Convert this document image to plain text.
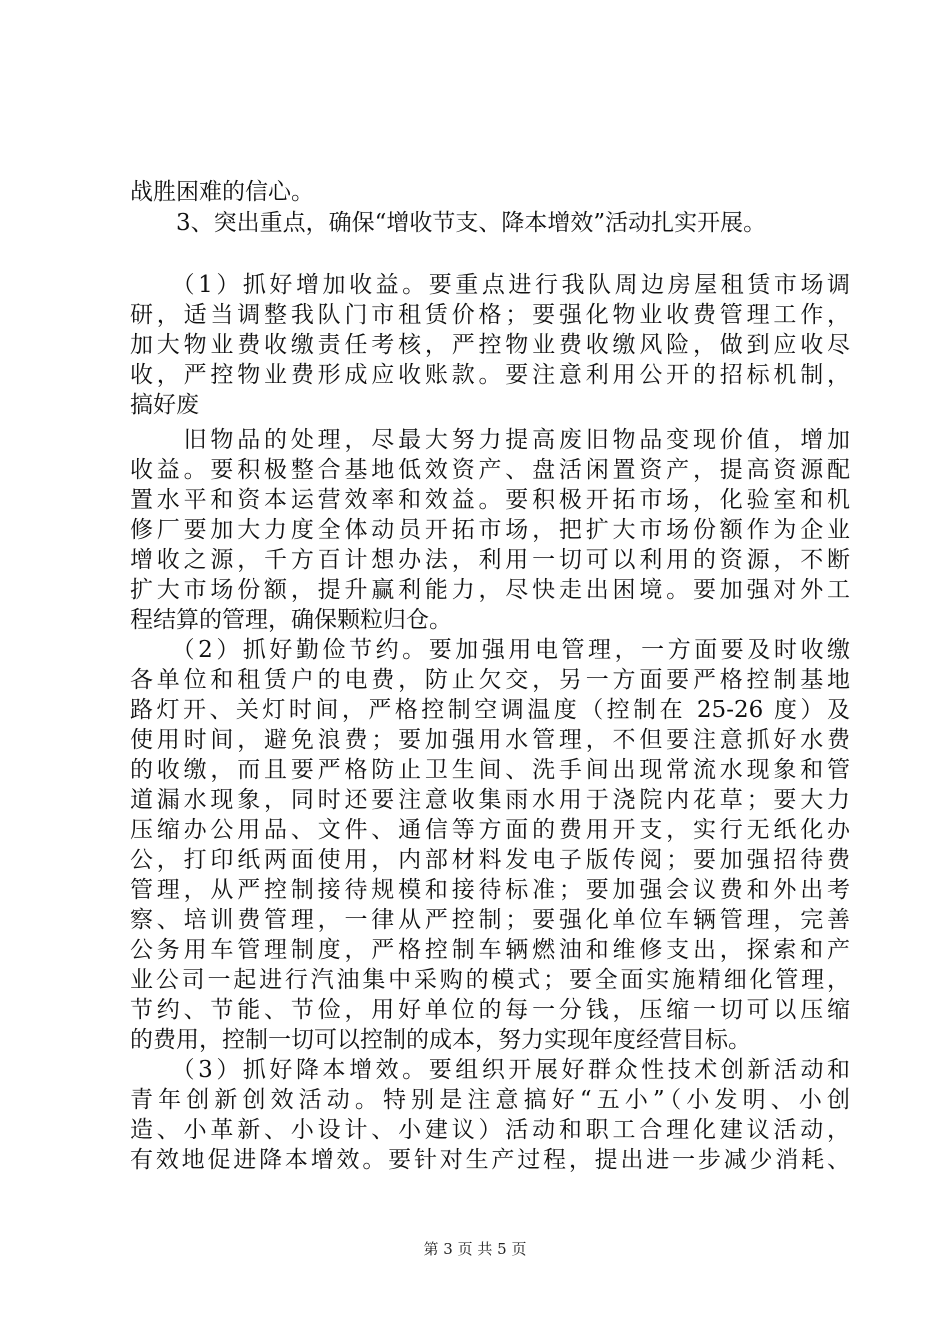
战胜困难的信心。
　　3、突出重点，确保“增收节支、降本增效”活动扎实开展。
　　（1）抓好增加收益。要重点进行我队周边房屋租赁市场调
研，适当调整我队门市租赁价格；要强化物业收费管理工作，
加大物业费收缴责任考核，严控物业费收缴风险，做到应收尽
收，严控物业费形成应收账款。要注意利用公开的招标机制，
搞好废
　　旧物品的处理，尽最大努力提高废旧物品变现价值，增加
收益。要积极整合基地低效资产、盘活闲置资产，提高资源配
置水平和资本运营效率和效益。要积极开拓市场，化验室和机
修厂要加大力度全体动员开拓市场，把扩大市场份额作为企业
增收之源，千方百计想办法，利用一切可以利用的资源，不断
扩大市场份额，提升赢利能力，尽快走出困境。要加强对外工
程结算的管理，确保颗粒归仓。
　　（2）抓好勤俭节约。要加强用电管理，一方面要及时收缴
各单位和租赁户的电费，防止欠交，另一方面要严格控制基地
路灯开、关灯时间，严格控制空调温度（控制在 25-26 度）及
使用时间，避免浪费；要加强用水管理，不但要注意抓好水费
的收缴，而且要严格防止卫生间、洗手间出现常流水现象和管
道漏水现象，同时还要注意收集雨水用于浇院内花草；要大力
压缩办公用品、文件、通信等方面的费用开支，实行无纸化办
公，打印纸两面使用，内部材料发电子版传阅；要加强招待费
管理，从严控制接待规模和接待标准；要加强会议费和外出考
察、培训费管理，一律从严控制；要强化单位车辆管理，完善
公务用车管理制度，严格控制车辆燃油和维修支出，探索和产
业公司一起进行汽油集中采购的模式；要全面实施精细化管理，
节约、节能、节俭，用好单位的每一分钱，压缩一切可以压缩
的费用，控制一切可以控制的成本，努力实现年度经营目标。
　　（3）抓好降本增效。要组织开展好群众性技术创新活动和
青年创新创效活动。特别是注意搞好“五小”（小发明、小创
造、小革新、小设计、小建议）活动和职工合理化建议活动，
有效地促进降本增效。要针对生产过程，提出进一步减少消耗、
第 3 页 共 5 页
